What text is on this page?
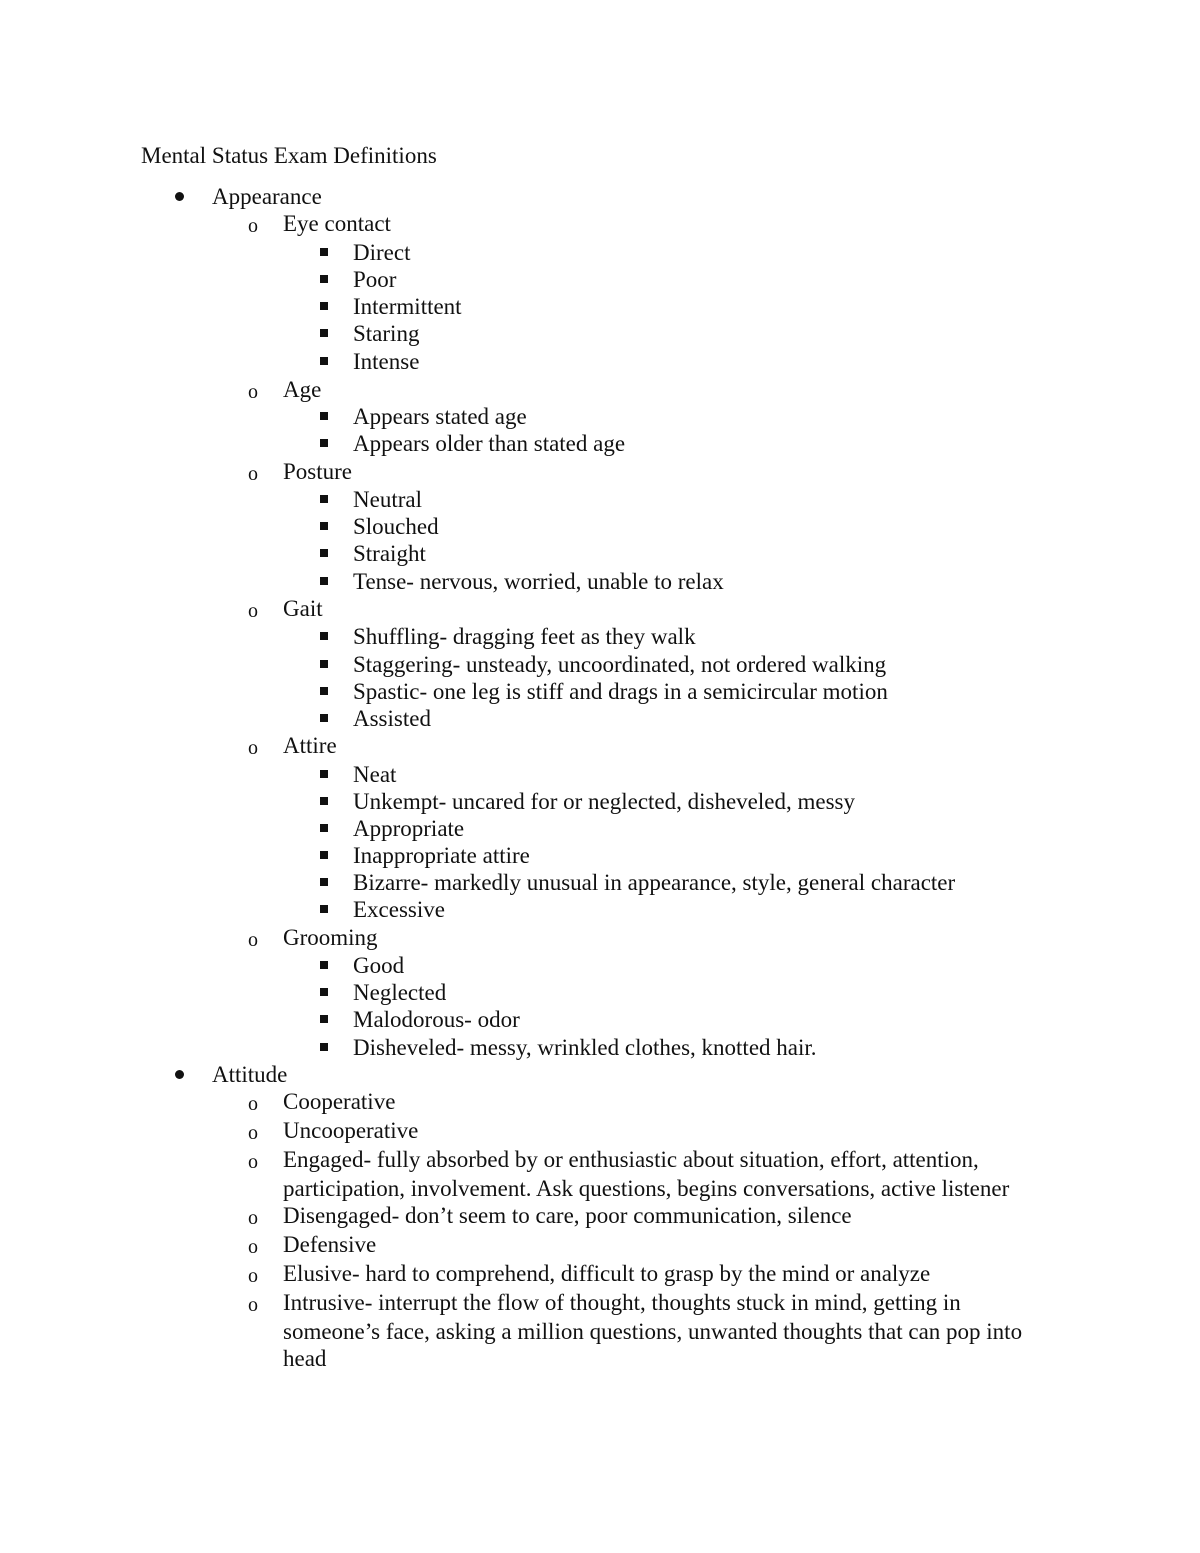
Mental Status Exam Definitions
Appearance
o Eye contact
Direct
Poor
Intermittent
Staring
Intense
o Age
Appears stated age
Appears older than stated age
o Posture
Neutral
Slouched
Straight
Tense- nervous, worried, unable to relax
o Gait
Shuffling- dragging feet as they walk
Staggering- unsteady, uncoordinated, not ordered walking
Spastic- one leg is stiff and drags in a semicircular motion
Assisted
o Attire
Neat
Unkempt- uncared for or neglected, disheveled, messy
Appropriate
Inappropriate attire
Bizarre- markedly unusual in appearance, style, general character
Excessive
o Grooming
Good
Neglected
Malodorous- odor
Disheveled- messy, wrinkled clothes, knotted hair.
Attitude
o Cooperative
o Uncooperative
o Engaged- fully absorbed by or enthusiastic about situation, effort, attention,
participation, involvement. Ask questions, begins conversations, active listener
o Disengaged- don’t seem to care, poor communication, silence
o Defensive
o Elusive- hard to comprehend, difficult to grasp by the mind or analyze
o Intrusive- interrupt the flow of thought, thoughts stuck in mind, getting in
someone’s face, asking a million questions, unwanted thoughts that can pop into
head
